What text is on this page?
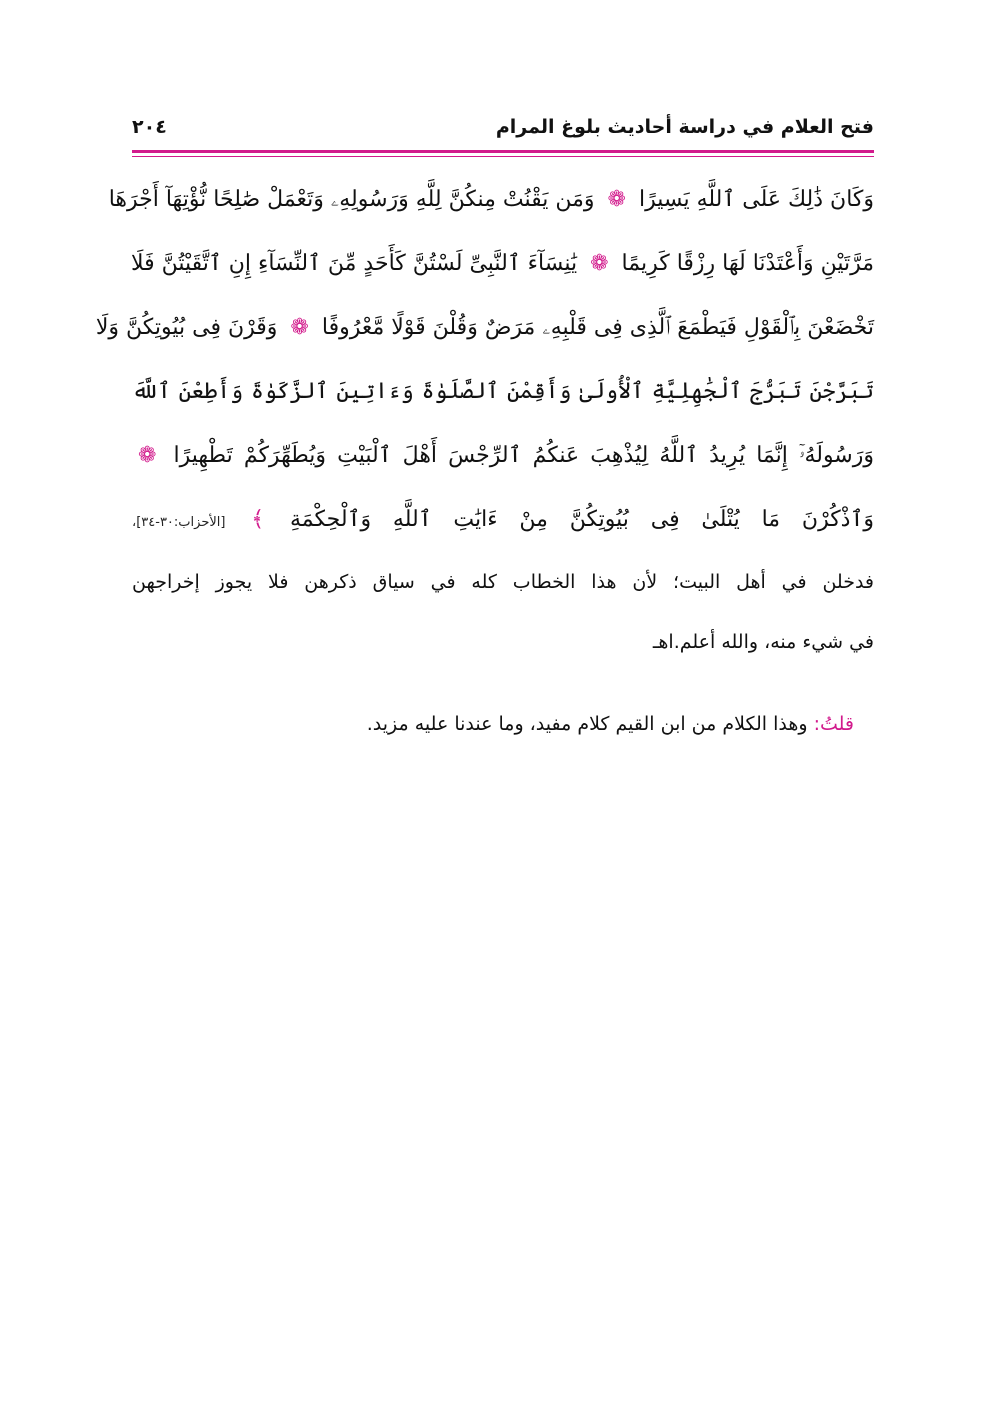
فتح العلام في دراسة أحاديث بلوغ المرام
٢٠٤
وَكَانَ ذَٰلِكَ عَلَى ٱللَّهِ يَسِيرًا ❁ وَمَن يَقْنُتْ مِنكُنَّ لِلَّهِ وَرَسُولِهِۦ وَتَعْمَلْ صَٰلِحًا نُّؤْتِهَآ أَجْرَهَا
مَرَّتَيْنِ وَأَعْتَدْنَا لَهَا رِزْقًا كَرِيمًا ❁ يَٰنِسَآءَ ٱلنَّبِىِّ لَسْتُنَّ كَأَحَدٍ مِّنَ ٱلنِّسَآءِ إِنِ ٱتَّقَيْتُنَّ فَلَا
تَخْضَعْنَ بِٱلْقَوْلِ فَيَطْمَعَ ٱلَّذِى فِى قَلْبِهِۦ مَرَضٌ وَقُلْنَ قَوْلًا مَّعْرُوفًا ❁ وَقَرْنَ فِى بُيُوتِكُنَّ وَلَا
تَبَرَّجْنَ تَبَرُّجَ ٱلْجَٰهِلِيَّةِ ٱلْأُولَىٰ وَأَقِمْنَ ٱلصَّلَوٰةَ وَءَاتِينَ ٱلزَّكَوٰةَ وَأَطِعْنَ ٱللَّهَ
وَرَسُولَهُۥٓ إِنَّمَا يُرِيدُ ٱللَّهُ لِيُذْهِبَ عَنكُمُ ٱلرِّجْسَ أَهْلَ ٱلْبَيْتِ وَيُطَهِّرَكُمْ تَطْهِيرًا ❁
وَٱذْكُرْنَ مَا يُتْلَىٰ فِى بُيُوتِكُنَّ مِنْ ءَايَٰتِ ٱللَّهِ وَٱلْحِكْمَةِ ﴾ [الأحزاب:٣٠-٣٤]،
فدخلن في أهل البيت؛ لأن هذا الخطاب كله في سياق ذكرهن فلا يجوز إخراجهن
في شيء منه، والله أعلم.اهـ
قلتُ: وهذا الكلام من ابن القيم كلام مفيد، وما عندنا عليه مزيد.
